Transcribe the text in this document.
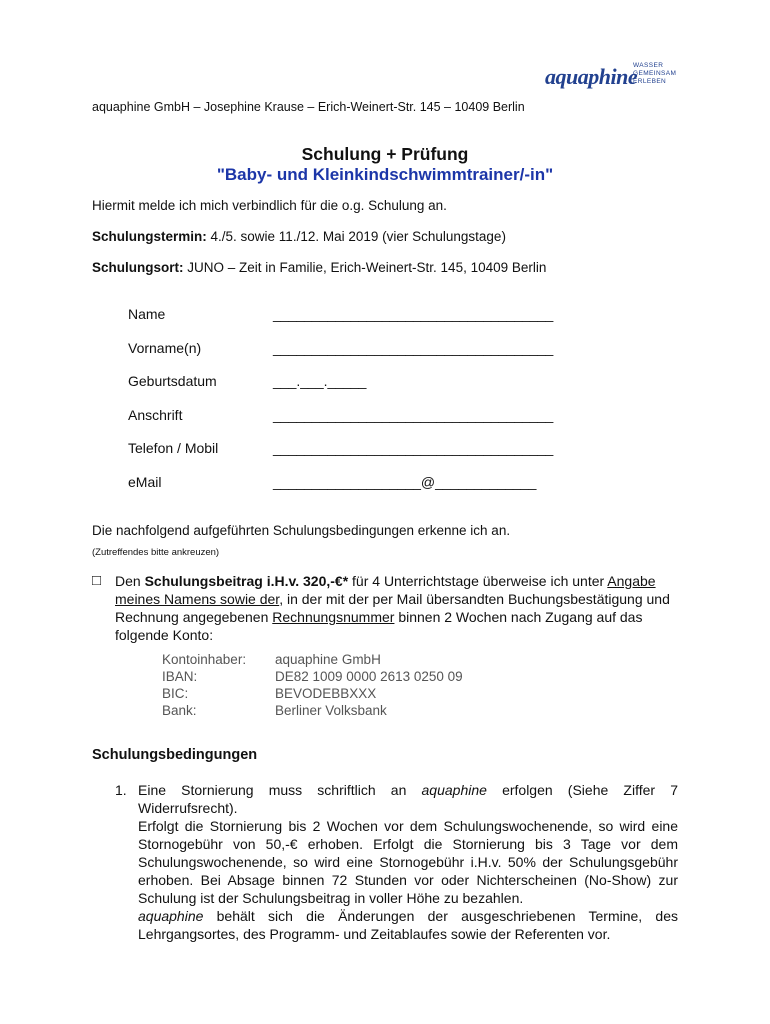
aquaphine
WASSER
GEMEINSAM
ERLEBEN
aquaphine GmbH – Josephine Krause – Erich-Weinert-Str. 145 – 10409 Berlin
Schulung + Prüfung
"Baby- und Kleinkindschwimmtrainer/-in"
Hiermit melde ich mich verbindlich für die o.g. Schulung an.
Schulungstermin: 4./5. sowie 11./12. Mai 2019 (vier Schulungstage)
Schulungsort: JUNO – Zeit in Familie, Erich-Weinert-Str. 145, 10409 Berlin
Name	____________________________________
Vorname(n)	____________________________________
Geburtsdatum	___.___._____
Anschrift	____________________________________
Telefon / Mobil	____________________________________
eMail	___________________@_____________
Die nachfolgend aufgeführten Schulungsbedingungen erkenne ich an.
(Zutreffendes bitte ankreuzen)
□ Den Schulungsbeitrag i.H.v. 320,-€* für 4 Unterrichtstage überweise ich unter Angabe meines Namens sowie der, in der mit der per Mail übersandten Buchungsbestätigung und Rechnung angegebenen Rechnungsnummer binnen 2 Wochen nach Zugang auf das folgende Konto:
Kontoinhaber:	aquaphine GmbH
IBAN:	DE82 1009 0000 2613 0250 09
BIC:	BEVODEBBXXX
Bank:	Berliner Volksbank
Schulungsbedingungen
1. Eine Stornierung muss schriftlich an aquaphine erfolgen (Siehe Ziffer 7 Widerrufsrecht).
Erfolgt die Stornierung bis 2 Wochen vor dem Schulungswochenende, so wird eine Stornogebühr von 50,-€ erhoben. Erfolgt die Stornierung bis 3 Tage vor dem Schulungswochenende, so wird eine Stornogebühr i.H.v. 50% der Schulungsgebühr erhoben. Bei Absage binnen 72 Stunden vor oder Nichterscheinen (No-Show) zur Schulung ist der Schulungsbeitrag in voller Höhe zu bezahlen.
aquaphine behält sich die Änderungen der ausgeschriebenen Termine, des Lehrgangsortes, des Programm- und Zeitablaufes sowie der Referenten vor.
